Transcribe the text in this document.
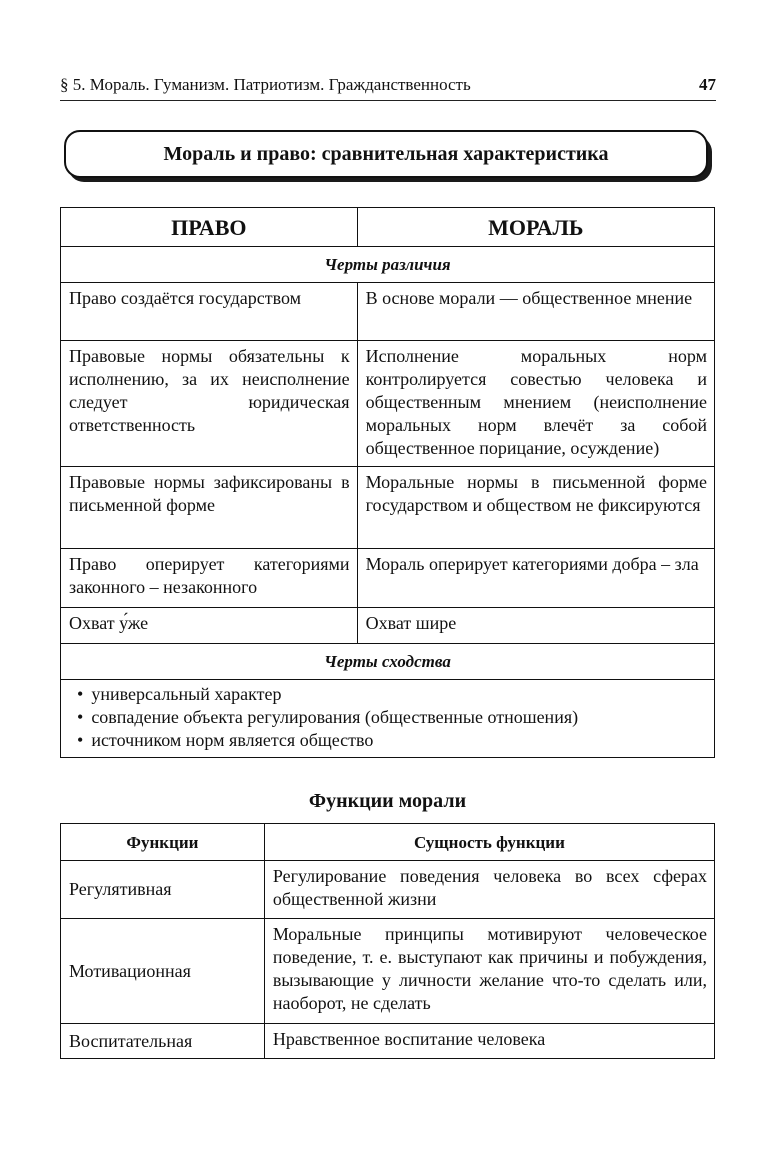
§ 5. Мораль. Гуманизм. Патриотизм. Гражданственность	47
Мораль и право: сравнительная характеристика
ПРАВО	МОРАЛЬ
Черты различия	
Право создаётся государством	В основе морали — общественное мнение
Правовые нормы обязательны к исполнению, за их неисполнение следует юридическая ответственность	Исполнение моральных норм контролируется совестью человека и общественным мнением (неисполнение моральных норм влечёт за собой общественное порицание, осуждение)
Правовые нормы зафиксированы в письменной форме	Моральные нормы в письменной форме государством и обществом не фиксируются
Право оперирует категориями законного – незаконного	Мораль оперирует категориями добра – зла
Охват у́же	Охват шире
Черты сходства	

• универсальный характер
• совпадение объекта регулирования (общественные отношения)
• источником норм является общество
Функции морали
Функции	Сущность функции
Регулятивная	Регулирование поведения человека во всех сферах общественной жизни
Мотивационная	Моральные принципы мотивируют человеческое поведение, т. е. выступают как причины и побуждения, вызывающие у личности желание что-то сделать или, наоборот, не сделать
Воспитательная	Нравственное воспитание человека
